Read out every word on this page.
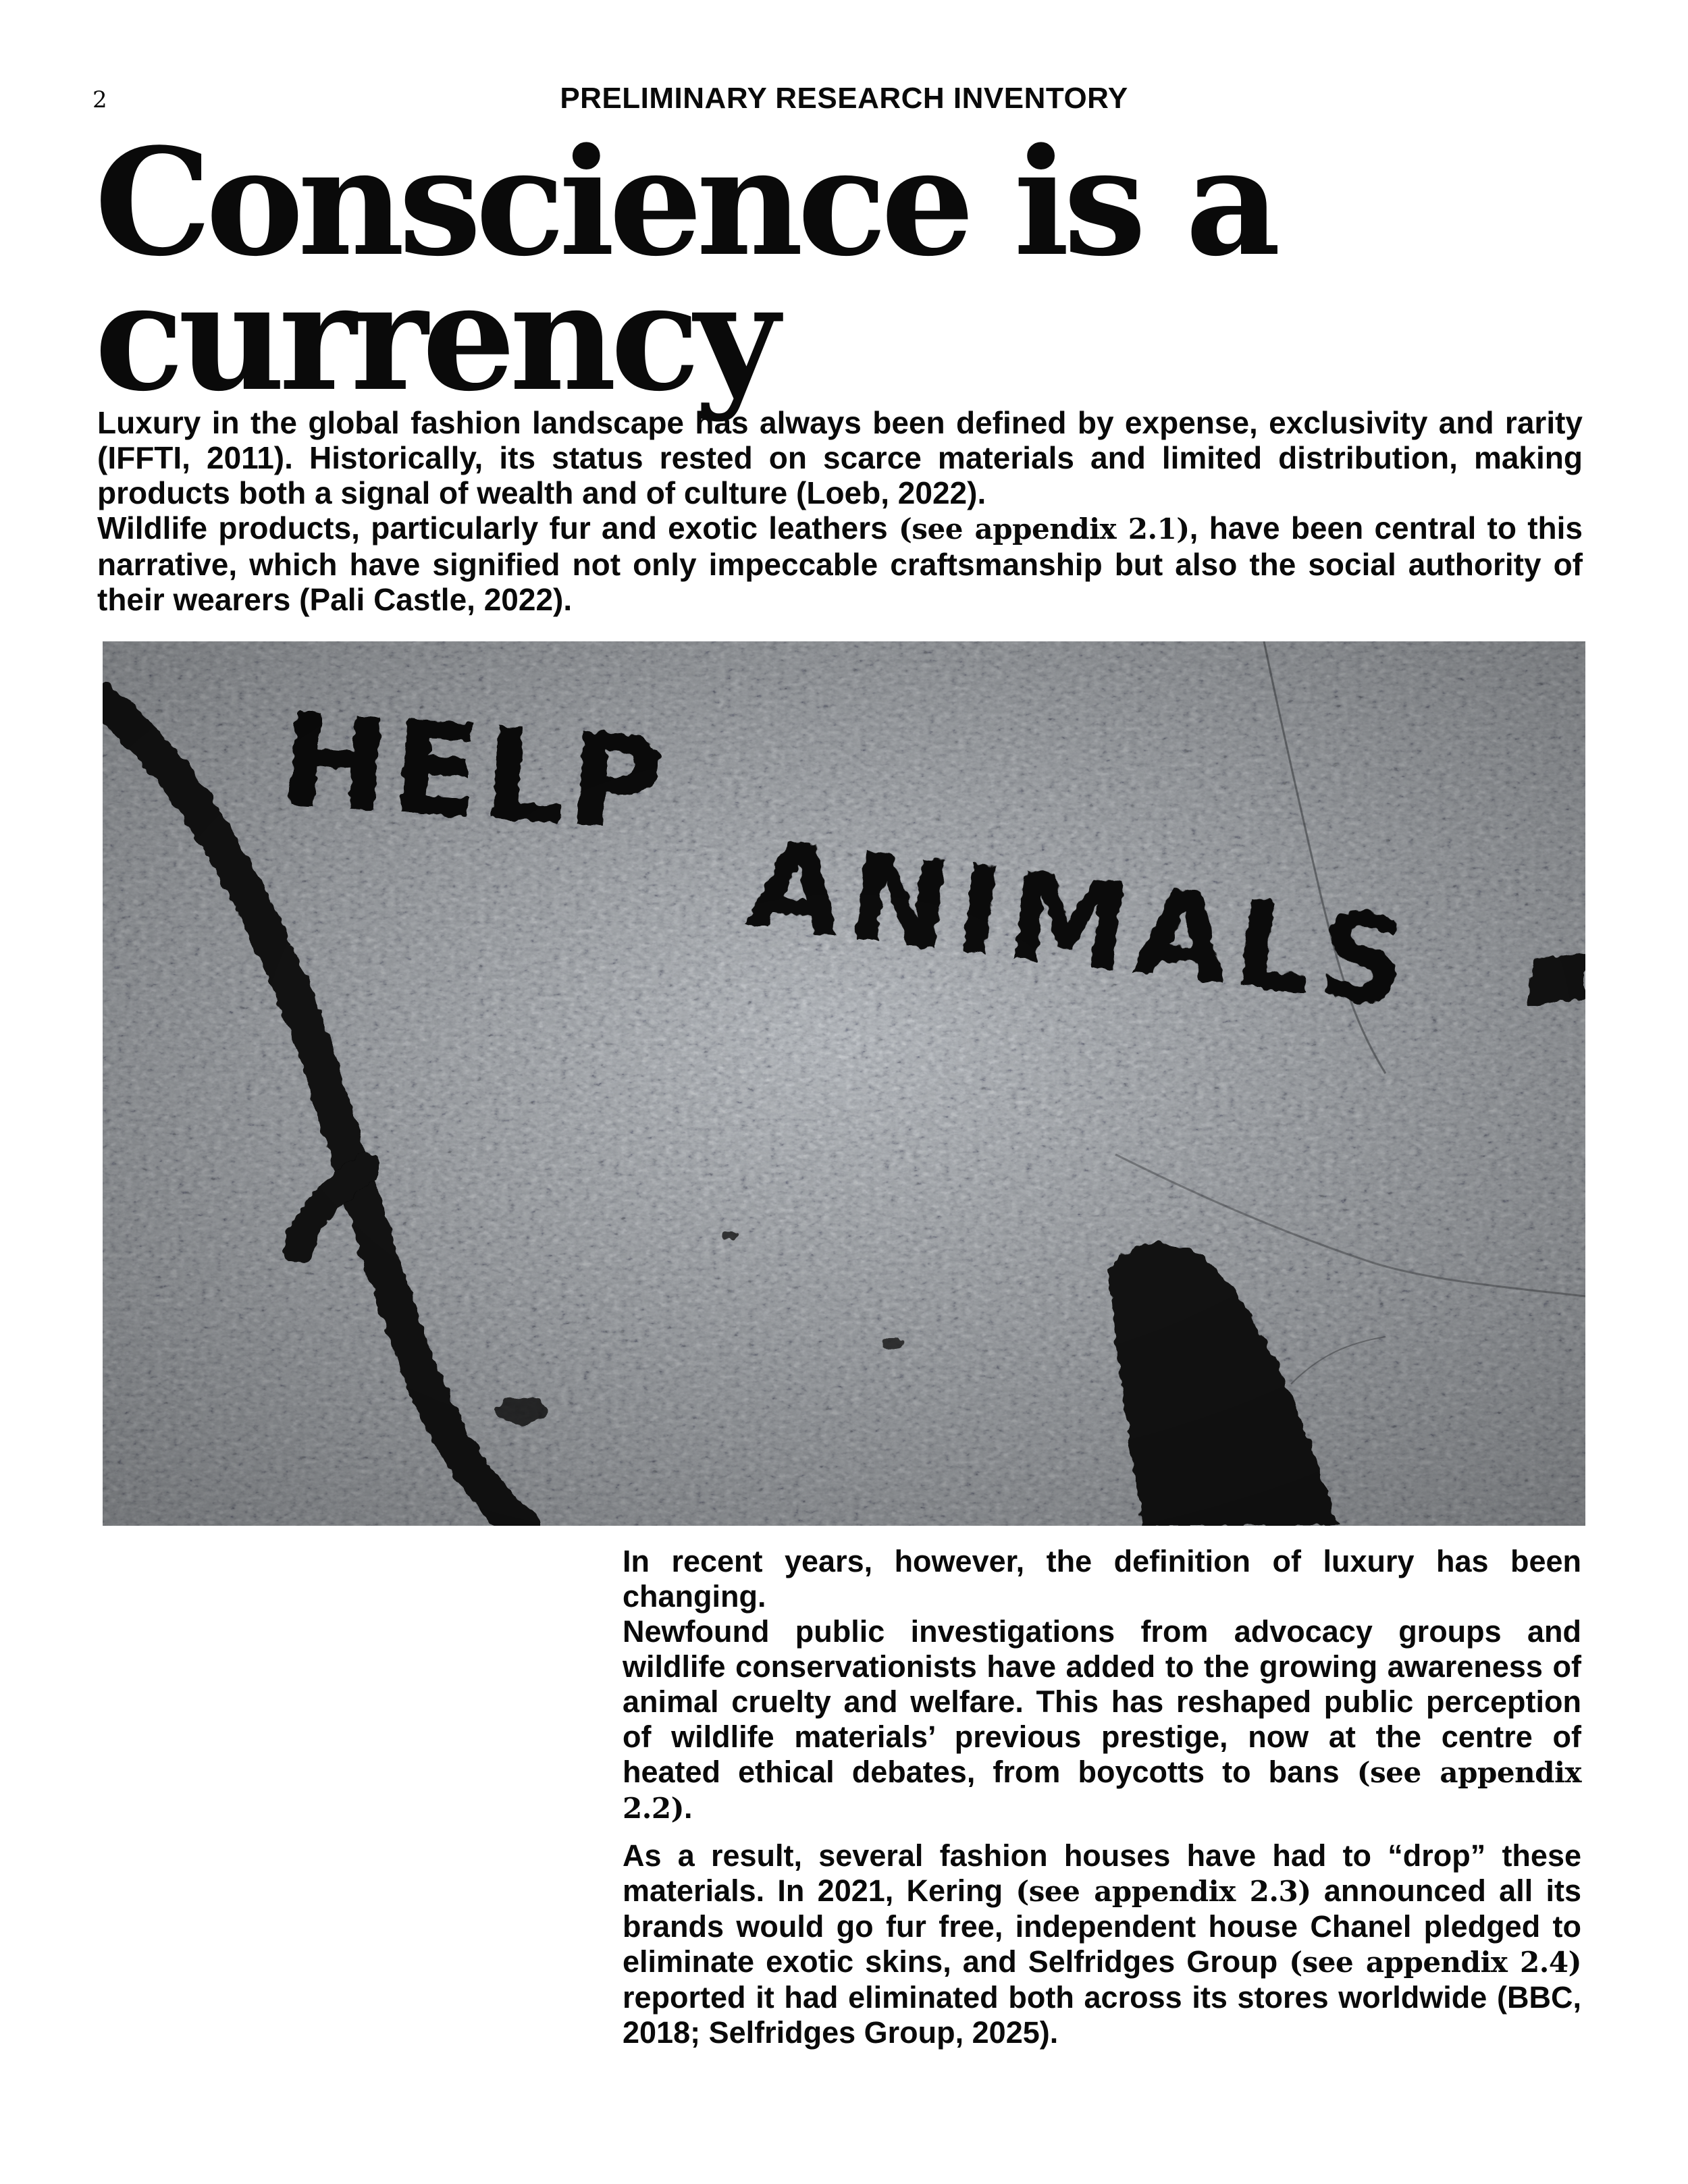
2	PRELIMINARY RESEARCH INVENTORY
Conscience is a
currency
Luxury in the global fashion landscape has always been defined by expense, exclusivity and rarity (IFFTI, 2011). Historically, its status rested on scarce materials and limited distribution, making products both a signal of wealth and of culture (Loeb, 2022).
Wildlife products, particularly fur and exotic leathers (see appendix 2.1), have been central to this narrative, which have signified not only impeccable craftsmanship but also the social authority of their wearers (Pali Castle, 2022).

In recent years, however, the definition of luxury has been changing.

Newfound public investigations from advocacy groups and wildlife conservationists have added to the growing awareness of animal cruelty and welfare. This has reshaped public perception of wildlife materials’ previous prestige, now at the centre of heated ethical debates, from boycotts to bans (see appendix 2.2).

As a result, several fashion houses have had to “drop” these materials. In 2021, Kering (see appendix 2.3) announced all its brands would go fur free, independent house Chanel pledged to eliminate exotic skins, and Selfridges Group (see appendix 2.4) reported it had eliminated both across its stores worldwide (BBC, 2018; Selfridges Group, 2025).
